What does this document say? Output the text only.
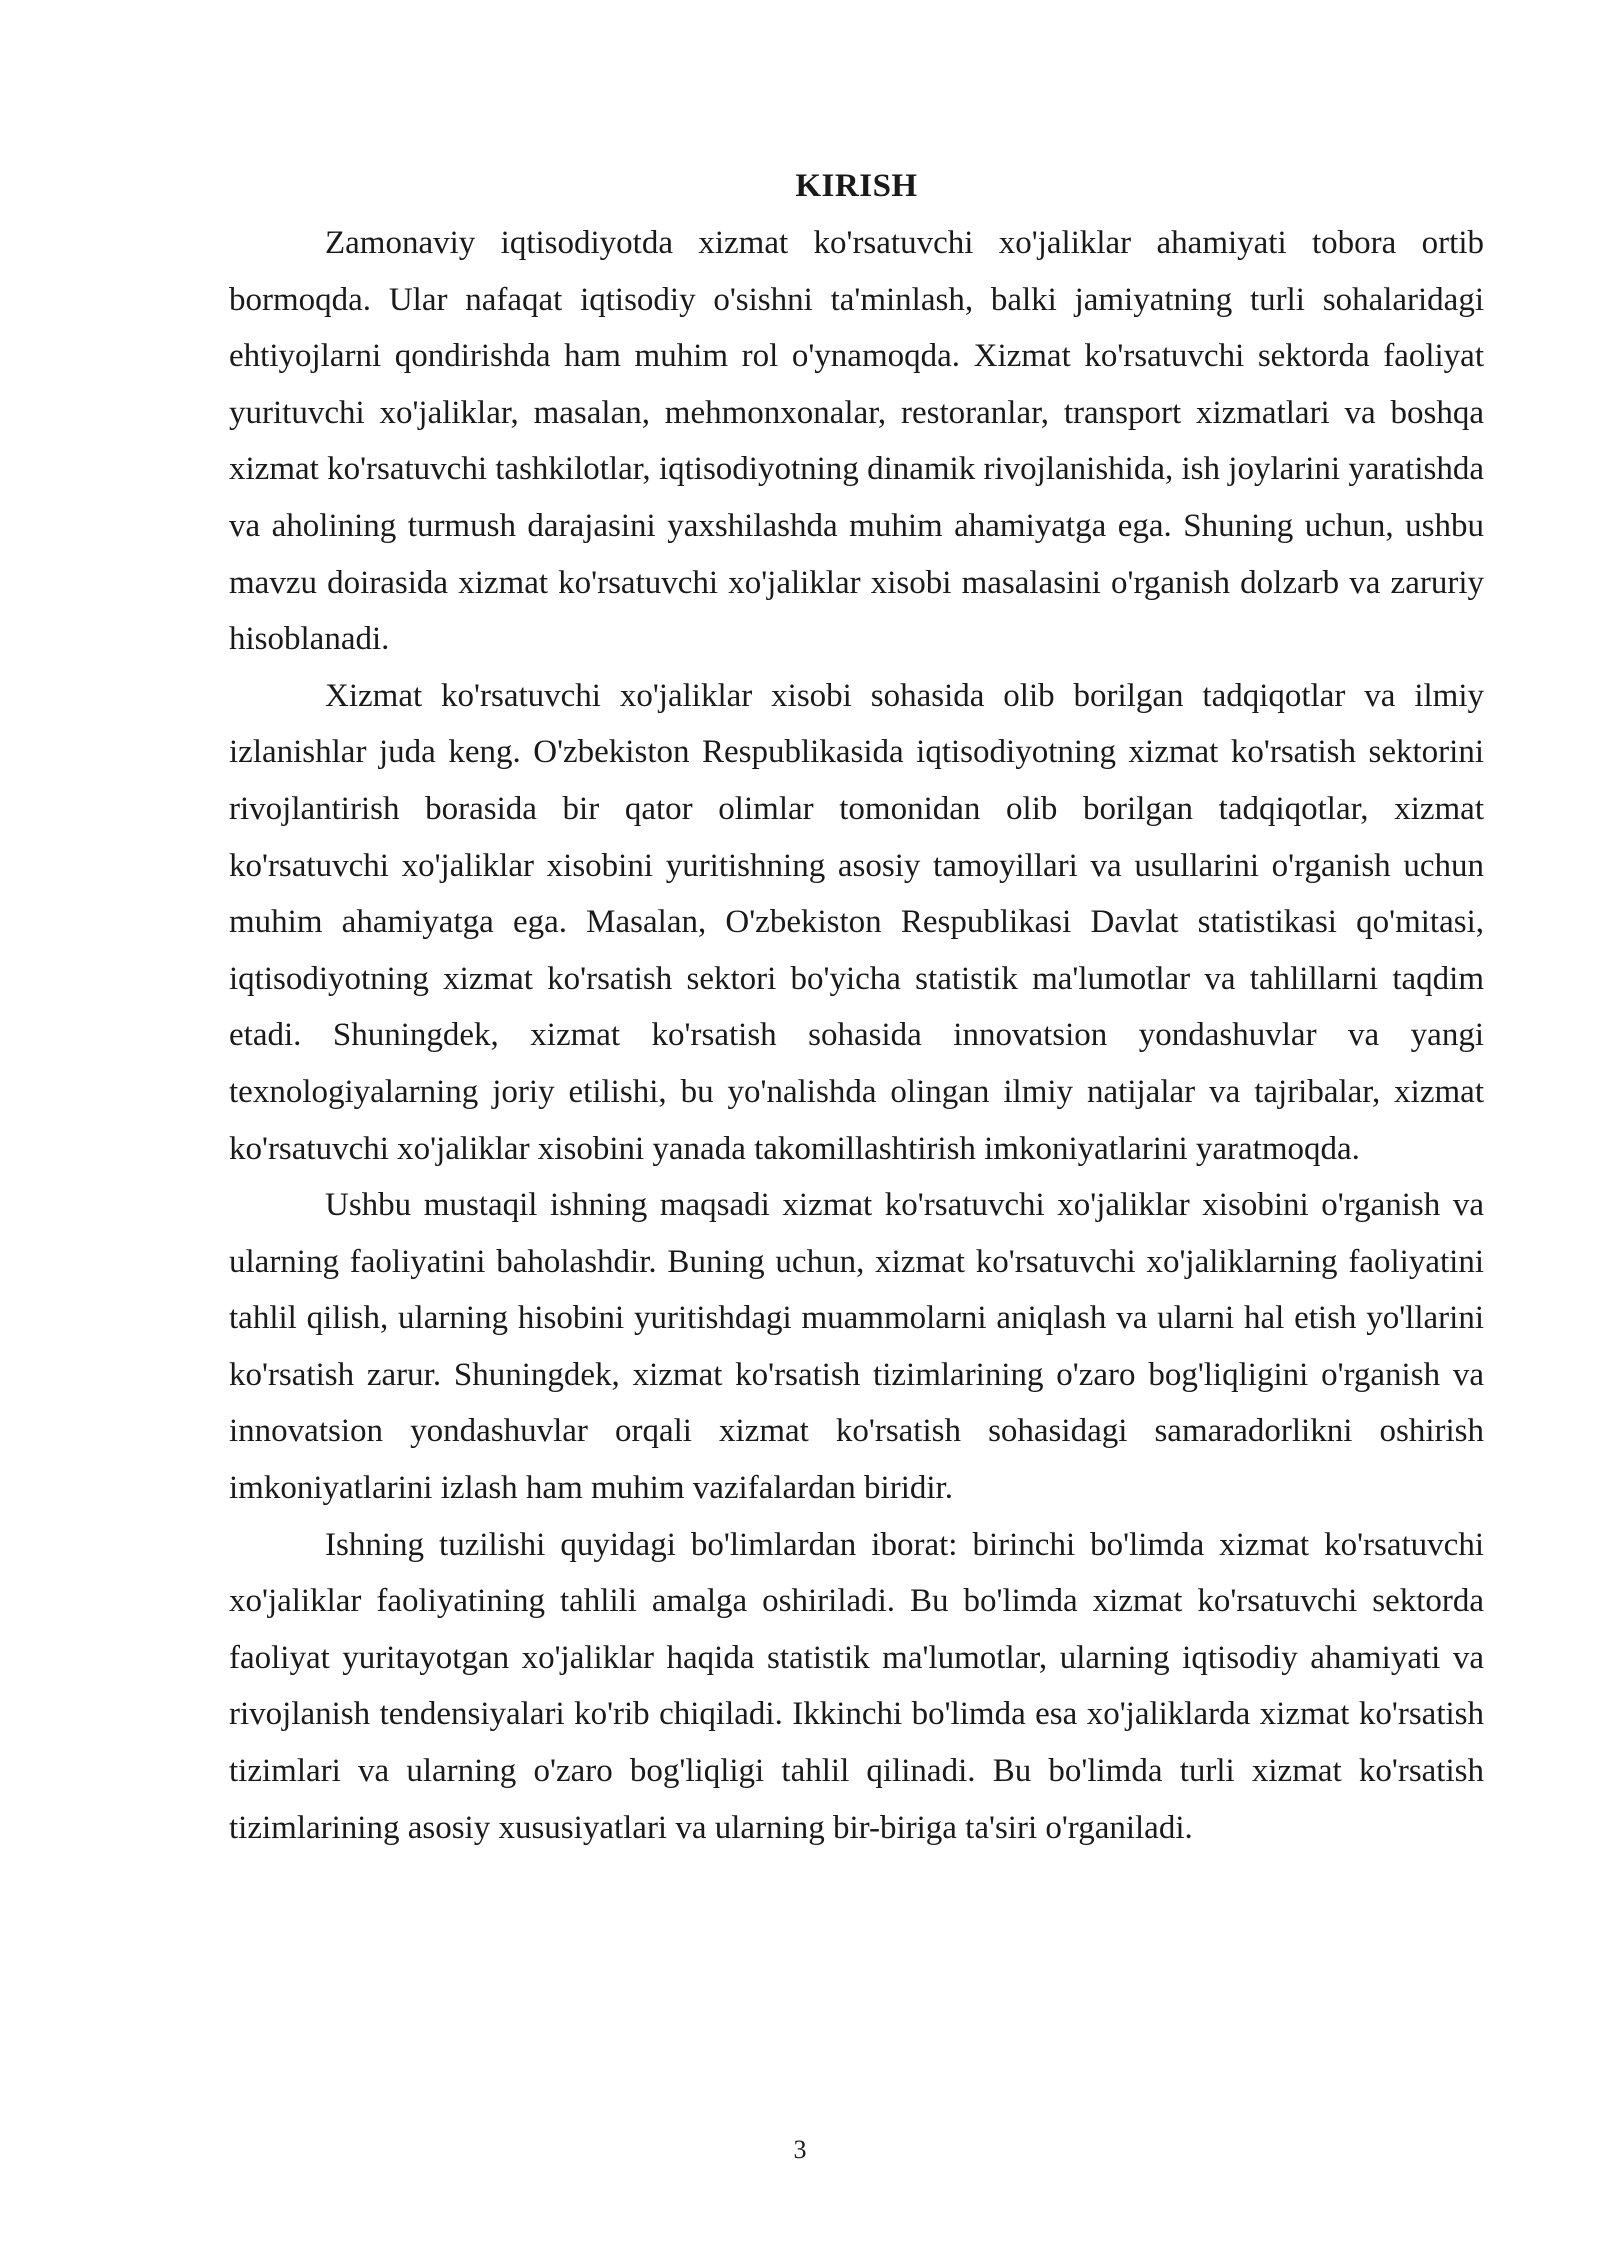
KIRISH

Zamonaviy iqtisodiyotda xizmat ko'rsatuvchi xo'jaliklar ahamiyati tobora ortib bormoqda. Ular nafaqat iqtisodiy o'sishni ta'minlash, balki jamiyatning turli sohalaridagi ehtiyojlarni qondirishda ham muhim rol o'ynamoqda. Xizmat ko'rsatuvchi sektorda faoliyat yurituvchi xo'jaliklar, masalan, mehmonxonalar, restoranlar, transport xizmatlari va boshqa xizmat ko'rsatuvchi tashkilotlar, iqtisodiyotning dinamik rivojlanishida, ish joylarini yaratishda va aholining turmush darajasini yaxshilashda muhim ahamiyatga ega. Shuning uchun, ushbu mavzu doirasida xizmat ko'rsatuvchi xo'jaliklar xisobi masalasini o'rganish dolzarb va zaruriy hisoblanadi.

Xizmat ko'rsatuvchi xo'jaliklar xisobi sohasida olib borilgan tadqiqotlar va ilmiy izlanishlar juda keng. O'zbekiston Respublikasida iqtisodiyotning xizmat ko'rsatish sektorini rivojlantirish borasida bir qator olimlar tomonidan olib borilgan tadqiqotlar, xizmat ko'rsatuvchi xo'jaliklar xisobini yuritishning asosiy tamoyillari va usullarini o'rganish uchun muhim ahamiyatga ega. Masalan, O'zbekiston Respublikasi Davlat statistikasi qo'mitasi, iqtisodiyotning xizmat ko'rsatish sektori bo'yicha statistik ma'lumotlar va tahlillarni taqdim etadi. Shuningdek, xizmat ko'rsatish sohasida innovatsion yondashuvlar va yangi texnologiyalarning joriy etilishi, bu yo'nalishda olingan ilmiy natijalar va tajribalar, xizmat ko'rsatuvchi xo'jaliklar xisobini yanada takomillashtirish imkoniyatlarini yaratmoqda.

Ushbu mustaqil ishning maqsadi xizmat ko'rsatuvchi xo'jaliklar xisobini o'rganish va ularning faoliyatini baholashdir. Buning uchun, xizmat ko'rsatuvchi xo'jaliklarning faoliyatini tahlil qilish, ularning hisobini yuritishdagi muammolarni aniqlash va ularni hal etish yo'llarini ko'rsatish zarur. Shuningdek, xizmat ko'rsatish tizimlarining o'zaro bog'liqligini o'rganish va innovatsion yondashuvlar orqali xizmat ko'rsatish sohasidagi samaradorlikni oshirish imkoniyatlarini izlash ham muhim vazifalardan biridir.

Ishning tuzilishi quyidagi bo'limlardan iborat: birinchi bo'limda xizmat ko'rsatuvchi xo'jaliklar faoliyatining tahlili amalga oshiriladi. Bu bo'limda xizmat ko'rsatuvchi sektorda faoliyat yuritayotgan xo'jaliklar haqida statistik ma'lumotlar, ularning iqtisodiy ahamiyati va rivojlanish tendensiyalari ko'rib chiqiladi. Ikkinchi bo'limda esa xo'jaliklarda xizmat ko'rsatish tizimlari va ularning o'zaro bog'liqligi tahlil qilinadi. Bu bo'limda turli xizmat ko'rsatish tizimlarining asosiy xususiyatlari va ularning bir-biriga ta'siri o'rganiladi.

3
